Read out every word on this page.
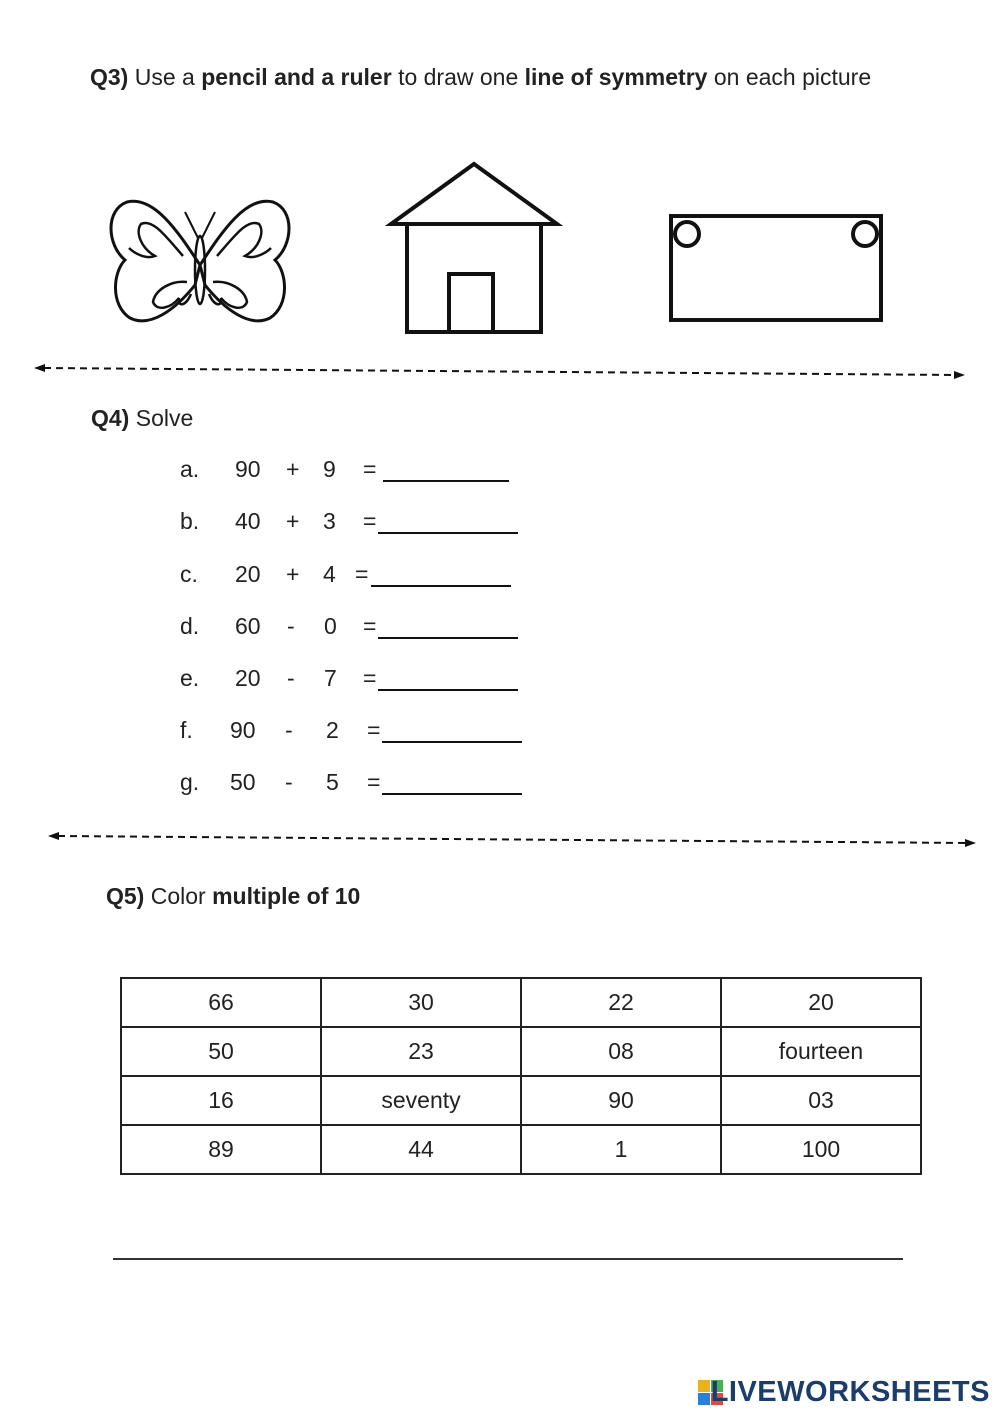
Q3) Use a pencil and a ruler to draw one line of symmetry on each picture
Q4) Solve
a. 90 + 9 =
b. 40 + 3 =
c. 20 + 4 =
d. 60 - 0 =
e. 20 - 7 =
f. 90 - 2 =
g. 50 - 5 =
Q5) Color multiple of 10
66	30	22	20
50	23	08	fourteen
16	seventy	90	03
89	44	1	100
LIVEWORKSHEETS
